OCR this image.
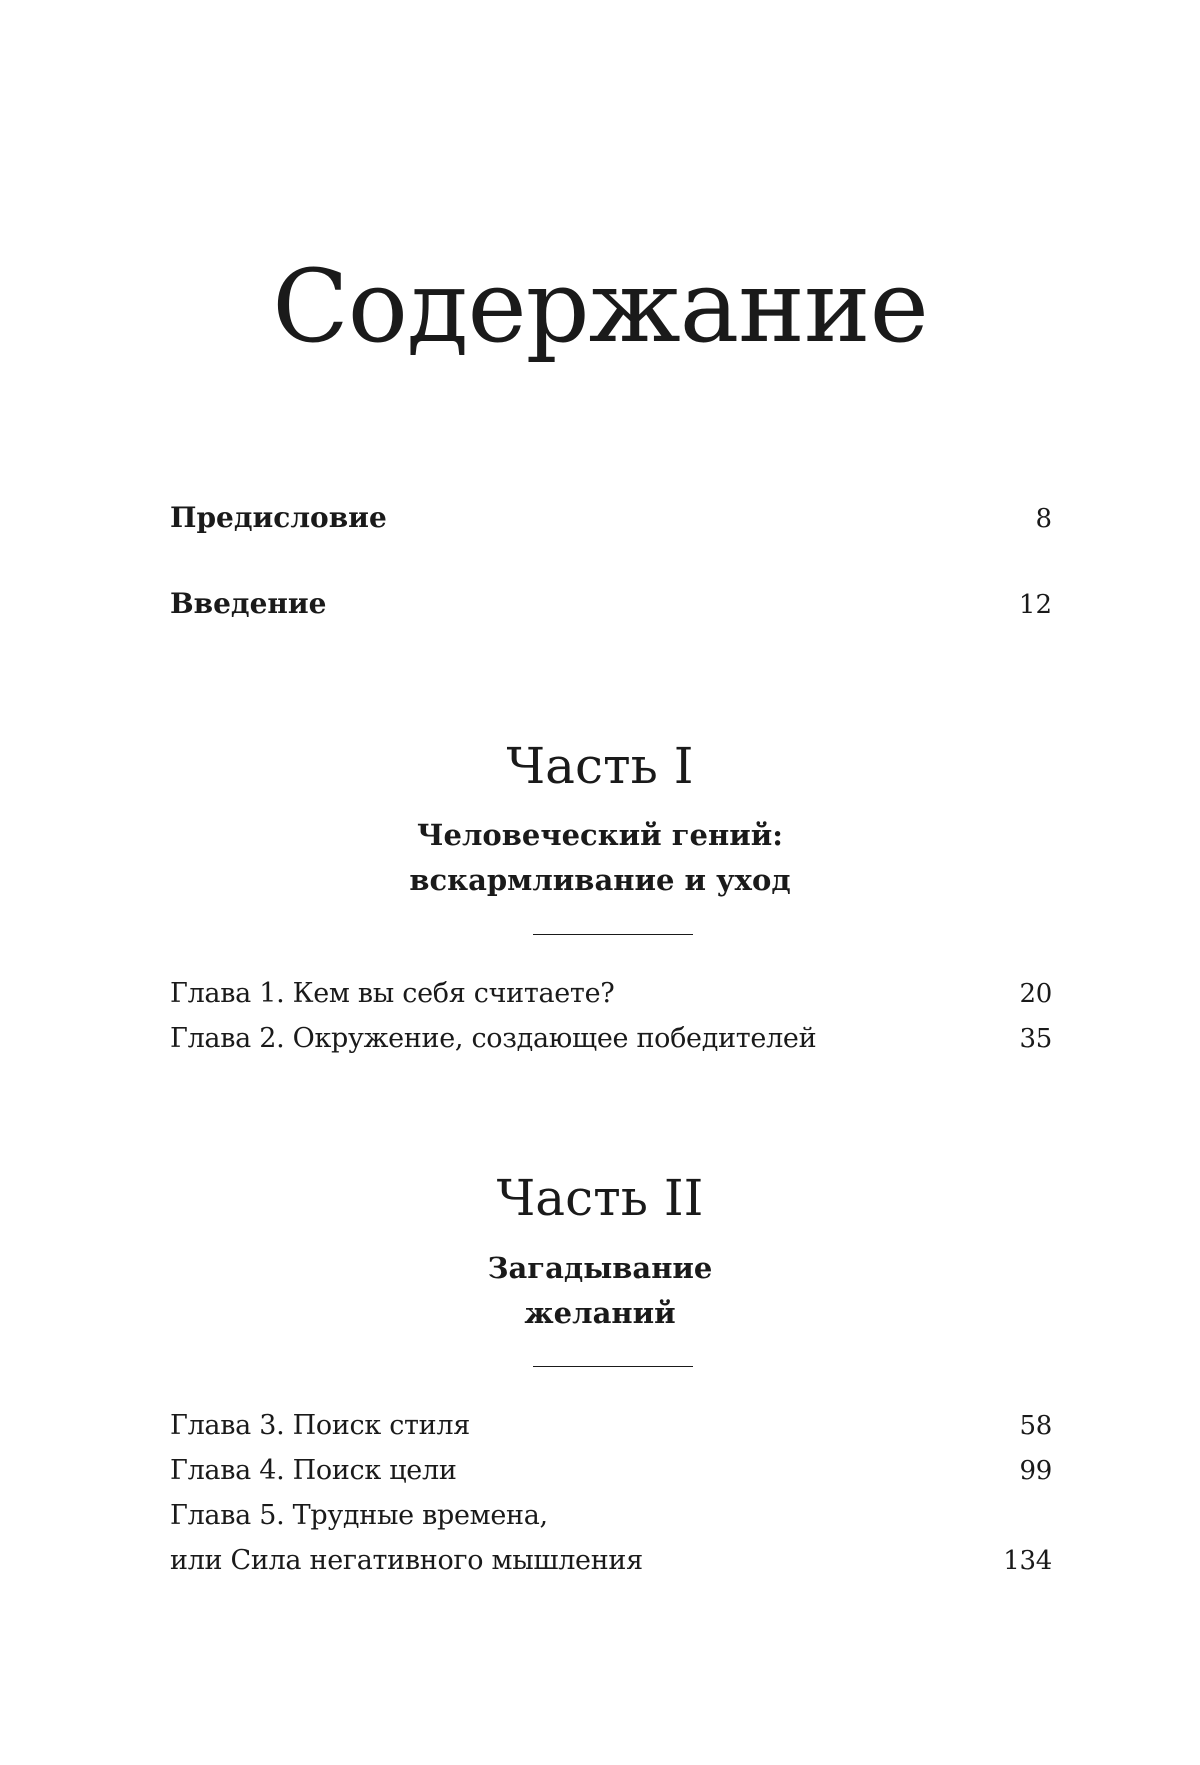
Содержание
Предисловие	8
Введение	12
Часть I
Человеческий гений:
вскармливание и уход
Глава 1. Кем вы себя считаете?	20
Глава 2. Окружение, создающее победителей	35
Часть II
Загадывание
желаний
Глава 3. Поиск стиля	58
Глава 4. Поиск цели	99
Глава 5. Трудные времена,
или Сила негативного мышления	134
